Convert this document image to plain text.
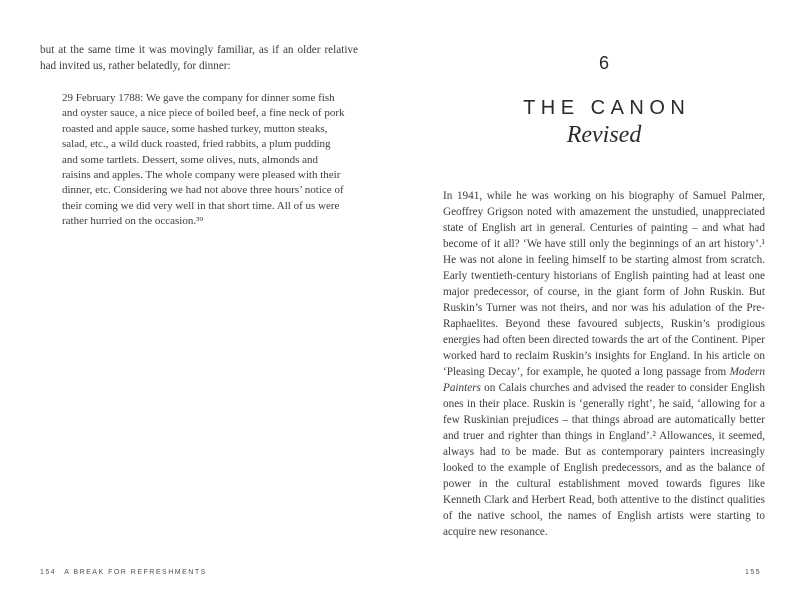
but at the same time it was movingly familiar, as if an older relative had invited us, rather belatedly, for dinner:

29 February 1788: We gave the company for dinner some fish and oyster sauce, a nice piece of boiled beef, a fine neck of pork roasted and apple sauce, some hashed turkey, mutton steaks, salad, etc., a wild duck roasted, fried rabbits, a plum pudding and some tartlets. Dessert, some olives, nuts, almonds and raisins and apples. The whole company were pleased with their dinner, etc. Considering we had not above three hours’ notice of their coming we did very well in that short time. All of us were rather hurried on the occasion.³⁹
154 A BREAK FOR REFRESHMENTS
6
THE CANON
Revised

In 1941, while he was working on his biography of Samuel Palmer, Geoffrey Grigson noted with amazement the unstudied, unappreciated state of English art in general. Centuries of painting – and what had become of it all? ‘We have still only the beginnings of an art history’.¹ He was not alone in feeling himself to be starting almost from scratch. Early twentieth-century historians of English painting had at least one major predecessor, of course, in the giant form of John Ruskin. But Ruskin’s Turner was not theirs, and nor was his adulation of the Pre-Raphaelites. Beyond these favoured subjects, Ruskin’s prodigious energies had often been directed towards the art of the Continent. Piper worked hard to reclaim Ruskin’s insights for England. In his article on ‘Pleasing Decay’, for example, he quoted a long passage from Modern Painters on Calais churches and advised the reader to consider English ones in their place. Ruskin is ‘generally right’, he said, ‘allowing for a few Ruskinian prejudices – that things abroad are automatically better and truer and righter than things in England’.² Allowances, it seemed, always had to be made. But as contemporary painters increasingly looked to the example of English predecessors, and as the balance of power in the cultural establishment moved towards figures like Kenneth Clark and Herbert Read, both attentive to the distinct qualities of the native school, the names of English artists were starting to acquire new resonance.

155
